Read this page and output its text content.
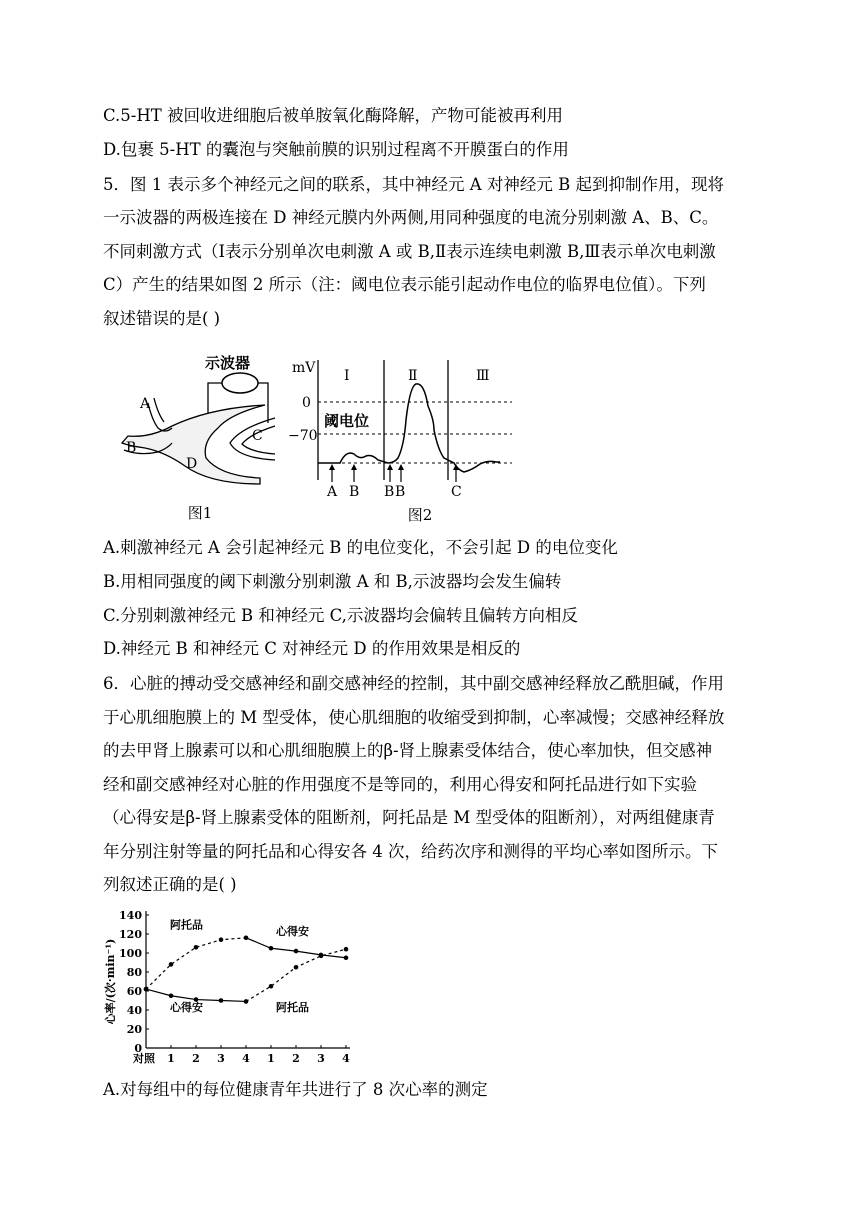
C.5-HT 被回收进细胞后被单胺氧化酶降解，产物可能被再利用
D.包裹 5-HT 的囊泡与突触前膜的识别过程离不开膜蛋白的作用
5．图 1 表示多个神经元之间的联系，其中神经元 A 对神经元 B 起到抑制作用，现将
一示波器的两极连接在 D 神经元膜内外两侧,用同种强度的电流分别刺激 A、B、C。
不同刺激方式（Ⅰ表示分别单次电刺激 A 或 B,Ⅱ表示连续电刺激 B,Ⅲ表示单次电刺激
C）产生的结果如图 2 所示（注：阈电位表示能引起动作电位的临界电位值）。下列
叙述错误的是( )
示波器
A
B
C
D
图1
mV Ⅰ	Ⅱ	Ⅲ
0
−70
阈电位
A B B B	C
图2
A.刺激神经元 A 会引起神经元 B 的电位变化，不会引起 D 的电位变化
B.用相同强度的阈下刺激分别刺激 A 和 B,示波器均会发生偏转
C.分别刺激神经元 B 和神经元 C,示波器均会偏转且偏转方向相反
D.神经元 B 和神经元 C 对神经元 D 的作用效果是相反的
6．心脏的搏动受交感神经和副交感神经的控制，其中副交感神经释放乙酰胆碱，作用
于心肌细胞膜上的 M 型受体，使心肌细胞的收缩受到抑制，心率减慢；交感神经释放
的去甲肾上腺素可以和心肌细胞膜上的β-肾上腺素受体结合，使心率加快，但交感神
经和副交感神经对心脏的作用强度不是等同的，利用心得安和阿托品进行如下实验
（心得安是β-肾上腺素受体的阻断剂，阿托品是 M 型受体的阻断剂），对两组健康青
年分别注射等量的阿托品和心得安各 4 次，给药次序和测得的平均心率如图所示。下
列叙述正确的是( )
0
20
40
60
80
100
120
140
对照 1 2 3 4 1 2 3 4
心率/(次·min⁻¹)
阿托品
心得安
心得安
阿托品
A.对每组中的每位健康青年共进行了 8 次心率的测定
